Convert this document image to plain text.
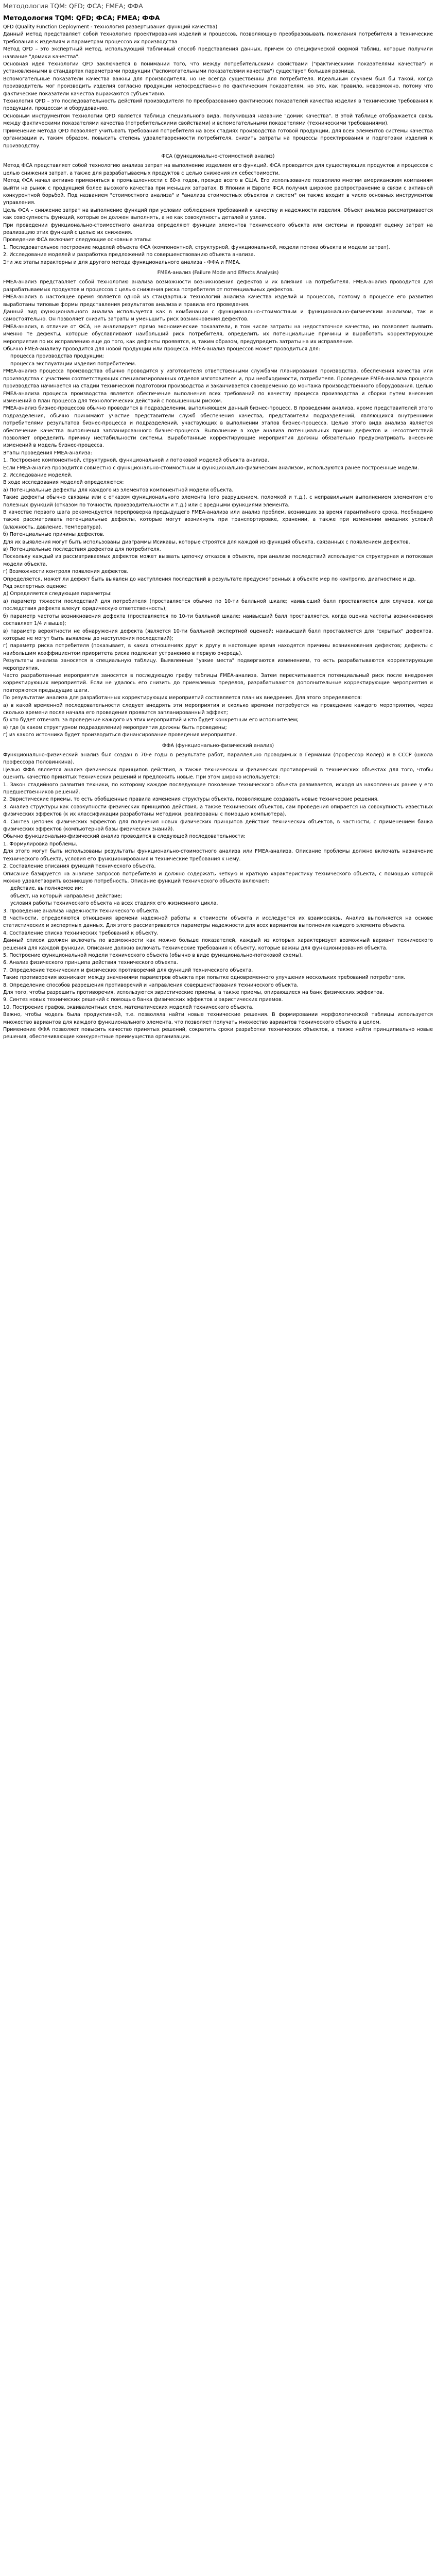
Методология TQM: QFD; ФСА; FMEA; ФФА

Методология TQM: QFD; ФСА; FMEA; ФФА

QFD (Quality Function Deployment - технология развертывания функций качества)
Данный метод представляет собой технологию проектирования изделий и процессов, позволяющую преобразовывать пожелания потребителя в технические требования к изделиям и параметрам процессов их производства

Метод QFD – это экспертный метод, использующий табличный способ представления данных, причем со специфической формой таблиц, которые получили название "домики качества".

Основная идея технологии QFD заключается в понимании того, что между потребительскими свойствами ("фактическими показателями качества") и установленными в стандартах параметрами продукции ("вспомогательными показателями качества") существует большая разница.

Вспомогательные показатели качества важны для производителя, но не всегда существенны для потребителя. Идеальным случаем был бы такой, когда производитель мог производить изделия согласно продукции непосредственно по фактическим показателям, но это, как правило, невозможно, потому что фактические показатели качества выражаются субъективно.

Технология QFD – это последовательность действий производителя по преобразованию фактических показателей качества изделия в технические требования к продукции, процессам и оборудованию.

Основным инструментом технологии QFD является таблица специального вида, получившая название "домик качества". В этой таблице отображается связь между фактическими показателями качества (потребительскими свойствами) и вспомогательными показателями (техническими требованиями).

Применение метода QFD позволяет учитывать требования потребителя на всех стадиях производства готовой продукции, для всех элементов системы качества организации и, таким образом, повысить степень удовлетворенности потребителя, снизить затраты на процессы проектирования и подготовки изделий к производству.

ФСА (функционально-стоимостной анализ)

Метод ФСА представляет собой технологию анализа затрат на выполнение изделием его функций. ФСА проводится для существующих продуктов и процессов с целью снижения затрат, а также для разрабатываемых продуктов с целью снижения их себестоимости.

Метод ФСА начал активно применяться в промышленности с 60-х годов, прежде всего в США. Его использование позволило многим американским компаниям выйти на рынок с продукцией более высокого качества при меньших затратах. В Японии и Европе ФСА получил широкое распространение в связи с активной конкурентной борьбой. Под названием "стоимостного анализа" и "анализа стоимостных объектов и систем" он также входит в число основных инструментов управления.

Цель ФСА – снижение затрат на выполнение функций при условии соблюдения требований к качеству и надежности изделия. Объект анализа рассматривается как совокупность функций, которые он должен выполнять, а не как совокупность деталей и узлов.

При проведении функционально-стоимостного анализа определяют функции элементов технического объекта или системы и проводят оценку затрат на реализацию этих функций с целью их снижения.

Проведение ФСА включает следующие основные этапы:

1. Последовательное построение моделей объекта ФСА (компонентной, структурной, функциональной, модели потока объекта и модели затрат).

2. Исследование моделей и разработка предложений по совершенствованию объекта анализа.

Эти же этапы характерны и для другого метода функционального анализа - ФФА и FMEA.

FMEA-анализ (Failure Mode and Effects Analysis)

FMEA-анализ представляет собой технологию анализа возможности возникновения дефектов и их влияния на потребителя. FMEA-анализ проводится для разрабатываемых продуктов и процессов с целью снижения риска потребителя от потенциальных дефектов.

FMEA-анализ в настоящее время является одной из стандартных технологий анализа качества изделий и процессов, поэтому в процессе его развития выработаны типовые формы представления результатов анализа и правила его проведения.

Данный вид функционального анализа используется как в комбинации с функционально-стоимостным и функционально-физическим анализом, так и самостоятельно. Он позволяет снизить затраты и уменьшить риск возникновения дефектов.

FMEA-анализ, в отличие от ФСА, не анализирует прямо экономические показатели, в том числе затраты на недостаточное качество, но позволяет выявить именно те дефекты, которые обуславливают наибольший риск потребителя, определить их потенциальные причины и выработать корректирующие мероприятия по их исправлению еще до того, как дефекты проявятся, и, таким образом, предупредить затраты на их исправление.

Обычно FMEA-анализу проводится для новой продукции или процесса. FMEA-анализ процессов может проводиться для:

процесса производства продукции;

процесса эксплуатации изделия потребителем.

FMEA-анализ процесса производства обычно проводится у изготовителя ответственными службами планирования производства, обеспечения качества или производства с участием соответствующих специализированных отделов изготовителя и, при необходимости, потребителя. Проведение FMEA-анализа процесса производства начинается на стадии технической подготовки производства и заканчивается своевременно до монтажа производственного оборудования. Целью FMEA-анализа процесса производства является обеспечение выполнения всех требований по качеству процесса производства и сборки путем внесения изменений в план процесса для технологических действий с повышенным риском.

FMEA-анализ бизнес-процессов обычно проводится в подразделении, выполняющем данный бизнес-процесс. В проведении анализа, кроме представителей этого подразделения, обычно принимают участие представители служб обеспечения качества, представители подразделений, являющихся внутренними потребителями результатов бизнес-процесса и подразделений, участвующих в выполнении этапов бизнес-процесса. Целью этого вида анализа является обеспечение качества выполнения запланированного бизнес-процесса. Выполнение в ходе анализа потенциальных причин дефектов и несоответствий позволяет определить причину нестабильности системы. Выработанные корректирующие мероприятия должны обязательно предусматривать внесение изменений в модель бизнес-процесса.

Этапы проведения FMEA-анализа:

1. Построение компонентной, структурной, функциональной и потоковой моделей объекта анализа.

Если FMEA-анализ проводится совместно с функционально-стоимостным и функционально-физическим анализом, используются ранее построенные модели.

2. Исследование моделей.

В ходе исследования моделей определяются:

a) Потенциальные дефекты для каждого из элементов компонентной модели объекта.

Такие дефекты обычно связаны или с отказом функционального элемента (его разрушением, поломкой и т.д.), с неправильным выполнением элементом его полезных функций (отказом по точности, производительности и т.д.) или с вредными функциями элемента.

В качестве первого шага рекомендуется перепроверка предыдущего FMEA-анализа или анализ проблем, возникших за время гарантийного срока. Необходимо также рассматривать потенциальные дефекты, которые могут возникнуть при транспортировке, хранении, а также при изменении внешних условий (влажность, давление, температура).

б) Потенциальные причины дефектов.

Для их выявления могут быть использованы диаграммы Исикавы, которые строятся для каждой из функций объекта, связанных с появлением дефектов.

в) Потенциальные последствия дефектов для потребителя.

Поскольку каждый из рассматриваемых дефектов может вызвать цепочку отказов в объекте, при анализе последствий используются структурная и потоковая модели объекта.

г) Возможности контроля появления дефектов.

Определяется, может ли дефект быть выявлен до наступления последствий в результате предусмотренных в объекте мер по контролю, диагностике и др.

Ряд экспертных оценок:

д) Определяется следующие параметры:

а) параметр тяжести последствий для потребителя (проставляется обычно по 10-ти балльной шкале; наивысший балл проставляется для случаев, когда последствия дефекта влекут юридическую ответственность);

б) параметр частоты возникновения дефекта (проставляется по 10-ти балльной шкале; наивысший балл проставляется, когда оценка частоты возникновения составляет 1/4 и выше);

в) параметр вероятности не обнаружения дефекта (является 10-ти балльной экспертной оценкой; наивысший балл проставляется для "скрытых" дефектов, которые не могут быть выявлены до наступления последствий);

г) параметр риска потребителя (показывает, в каких отношениях друг к другу в настоящее время находятся причины возникновения дефектов; дефекты с наибольшим коэффициентом приоритета риска подлежат устранению в первую очередь).

Результаты анализа заносятся в специальную таблицу. Выявленные "узкие места" подвергаются изменениям, то есть разрабатываются корректирующие мероприятия.

Часто разработанные мероприятия заносятся в последующую графу таблицы FMEA-анализа. Затем пересчитывается потенциальный риск после внедрения корректирующих мероприятий. Если не удалось его снизить до приемлемых пределов, разрабатываются дополнительные корректирующие мероприятия и повторяются предыдущие шаги.

По результатам анализа для разработанных корректирующих мероприятий составляется план их внедрения. Для этого определяются:

a) в какой временной последовательности следует внедрять эти мероприятия и сколько времени потребуется на проведение каждого мероприятия, через сколько времени после начала его проведения проявится запланированный эффект;

б) кто будет отвечать за проведение каждого из этих мероприятий и кто будет конкретным его исполнителем;

в) где (в каком структурном подразделении) мероприятия должны быть проведены;

г) из какого источника будет производиться финансирование проведения мероприятия.

ФФА (функционально-физический анализ)

Функционально-физический анализ был создан в 70-е годы в результате работ, параллельно проводимых в Германии (профессор Колер) и в СССР (школа профессора Половинкина).

Целью ФФА является анализ физических принципов действия, а также технических и физических противоречий в технических объектах для того, чтобы оценить качество принятых технических решений и предложить новые. При этом широко используется:

1. Закон стадийного развития техники, по которому каждое последующее поколение технического объекта развивается, исходя из накопленных ранее у его предшественников решений.

2. Эвристические приемы, то есть обобщенные правила изменения структуры объекта, позволяющие создавать новые технические решения.

3. Анализ структуры как совокупности физических принципов действия, а также технических объектов, сам проведения опирается на совокупность известных физических эффектов (к их классификации разработаны методики, реализованы с помощью компьютера).

4. Синтез цепочек физических эффектов для получения новых физических принципов действия технических объектов, в частности, с применением банка физических эффектов (компьютерной базы физических знаний).

Обычно функционально-физический анализ проводится в следующей последовательности:

1. Формулировка проблемы.

Для этого могут быть использованы результаты функционально-стоимостного анализа или FMEA-анализа. Описание проблемы должно включать назначение технического объекта, условия его функционирования и технические требования к нему.

2. Составление описания функций технического объекта.

Описание базируется на анализе запросов потребителя и должно содержать четкую и краткую характеристику технического объекта, с помощью которой можно удовлетворить возникшую потребность. Описание функций технического объекта включает:

действие, выполняемое им;

объект, на который направлено действие;

условия работы технического объекта на всех стадиях его жизненного цикла.

3. Проведение анализа надежности технического объекта.

В частности, определяются отношения времени надежной работы к стоимости объекта и исследуется их взаимосвязь. Анализ выполняется на основе статистических и экспертных данных. Для этого рассматриваются параметры надежности для всех вариантов выполнения каждого элемента объекта.

4. Составление списка технических требований к объекту.

Данный список должен включать по возможности как можно больше показателей, каждый из которых характеризует возможный вариант технического решения для каждой функции. Описание должно включать технические требования к объекту, которые важны для функционирования объекта.

5. Построение функциональной модели технического объекта (обычно в виде функционально-потоковой схемы).

6. Анализ физического принципа действия технического объекта.

7. Определение технических и физических противоречий для функций технического объекта.

Такие противоречия возникают между значениями параметров объекта при попытке одновременного улучшения нескольких требований потребителя.

8. Определение способов разрешения противоречий и направления совершенствования технического объекта.

Для того, чтобы разрешить противоречия, используются эвристические приемы, а также приемы, опирающиеся на банк физических эффектов.

9. Синтез новых технических решений с помощью банка физических эффектов и эвристических приемов.

10. Построение графов, эквивалентных схем, математических моделей технического объекта.

Важно, чтобы модель была продуктивной, т.е. позволяла найти новые технические решения. В формировании морфологической таблицы используется множество вариантов для каждого функционального элемента, что позволяет получать множество вариантов технического объекта в целом.

Применение ФФА позволяет повысить качество принятых решений, сократить сроки разработки технических объектов, а также найти принципиально новые решения, обеспечивающие конкурентные преимущества организации.
